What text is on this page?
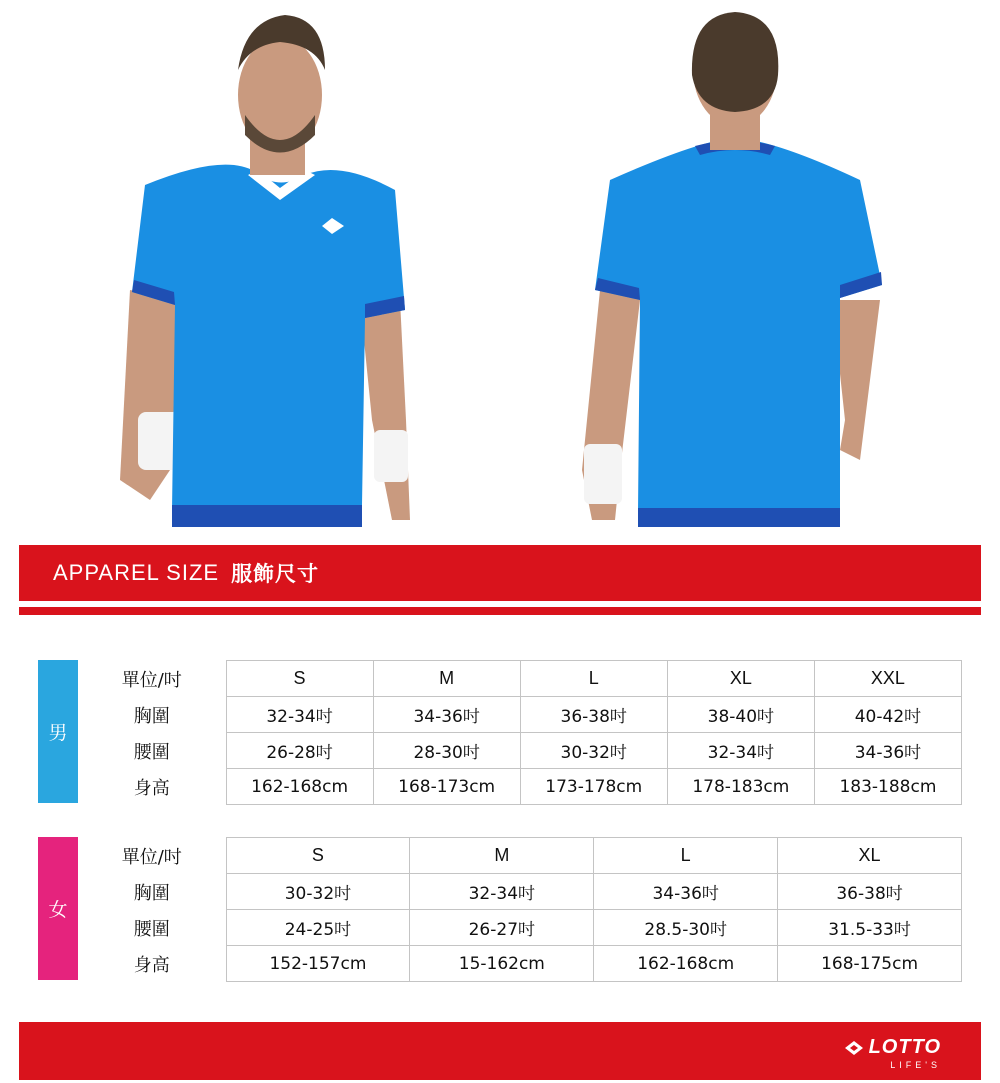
APPAREL SIZE 服飾尺寸
男
單位/吋	S	M	L	XL	XXL
胸圍	32-34吋	34-36吋	36-38吋	38-40吋	40-42吋
腰圍	26-28吋	28-30吋	30-32吋	32-34吋	34-36吋
身高	162-168cm	168-173cm	173-178cm	178-183cm	183-188cm
女
單位/吋	S	M	L	XL
胸圍	30-32吋	32-34吋	34-36吋	36-38吋
腰圍	24-25吋	26-27吋	28.5-30吋	31.5-33吋
身高	152-157cm	15-162cm	162-168cm	168-175cm
LOTTO
LIFE'S
